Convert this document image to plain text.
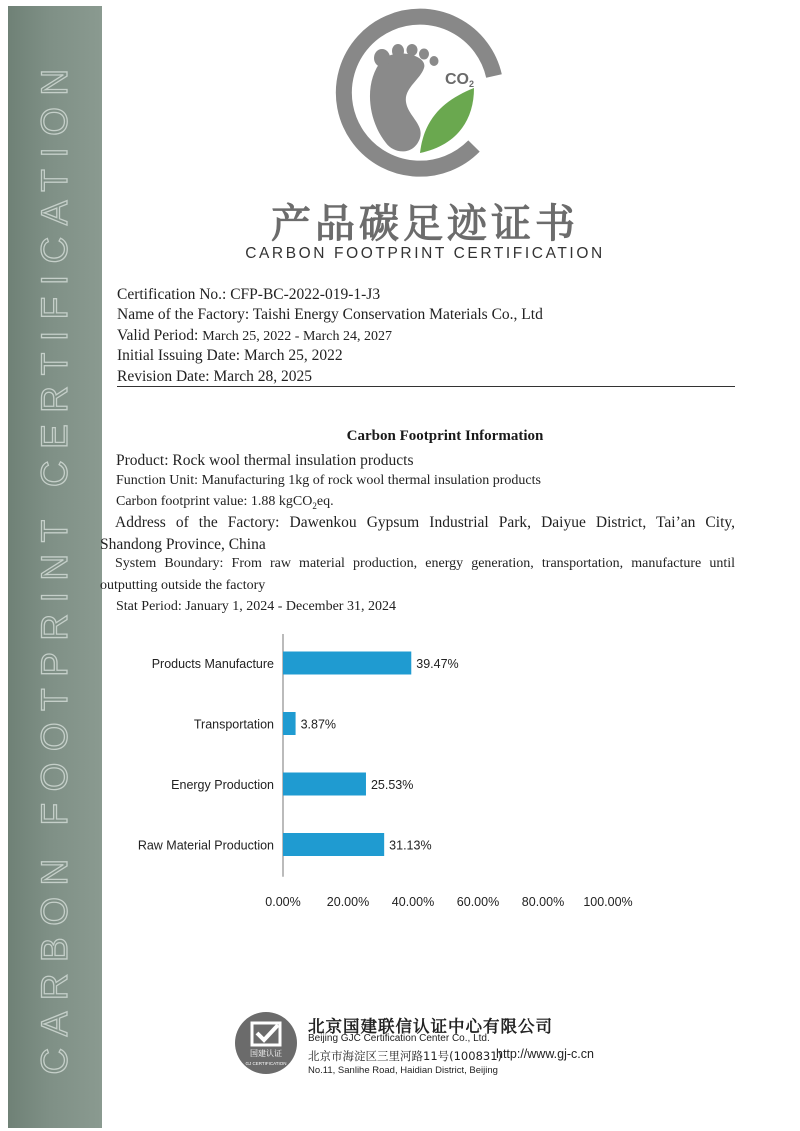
CARBON FOOTPRINT CERTIFICATION	CO2
产品碳足迹证书
CARBON FOOTPRINT CERTIFICATION
Certification No.: CFP-BC-2022-019-1-J3
Name of the Factory: Taishi Energy Conservation Materials Co., Ltd
Valid Period: March 25, 2022 - March 24, 2027
Initial Issuing Date: March 25, 2022
Revision Date: March 28, 2025
Carbon Footprint Information
Product: Rock wool thermal insulation products
Function Unit: Manufacturing 1kg of rock wool thermal insulation products
Carbon footprint value: 1.88 kgCO$_2$eq.
Address of the Factory: Dawenkou Gypsum Industrial Park, Daiyue District, Tai’an City,
Shandong Province, China
System Boundary: From raw material production, energy generation, transportation, manufacture until
outputting outside the factory
Stat Period: January 1, 2024 - December 31, 2024
Products Manufacture	39.47%
Transportation 3.87%
Energy Production	25.53%
Raw Material Production	31.13%
0.00% 20.00% 40.00% 60.00% 80.00% 100.00%
国建认证
GJ CERTIFICATION
北京国建联信认证中心有限公司
Beijing GJC Certification Center Co., Ltd.
北京市海淀区三里河路11号(100831)
http://www.gj-c.cn
No.11, Sanlihe Road, Haidian District, Beijing
